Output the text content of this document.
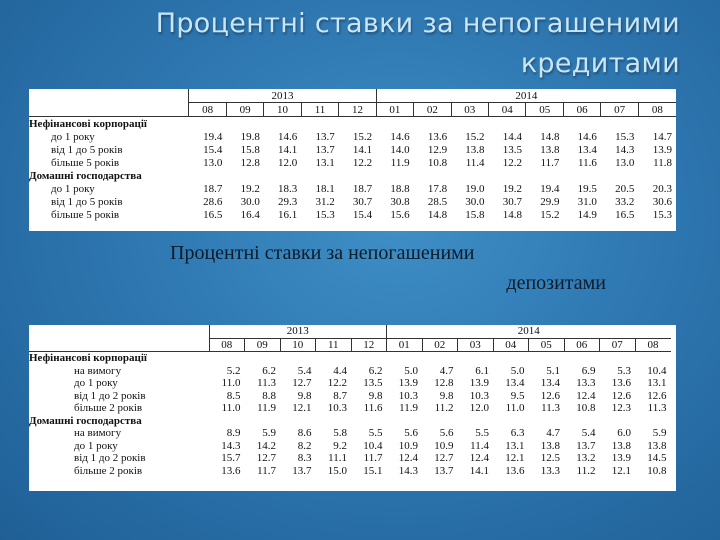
Процентні ставки за непогашеними
кредитами
	2013					2014							
	08	09	10	11	12	01	02	03	04	05	06	07	08
Нефінансові корпорації													
до 1 року	19.4	19.8	14.6	13.7	15.2	14.6	13.6	15.2	14.4	14.8	14.6	15.3	14.7
від 1 до 5 років	15.4	15.8	14.1	13.7	14.1	14.0	12.9	13.8	13.5	13.8	13.4	14.3	13.9
більше 5 років	13.0	12.8	12.0	13.1	12.2	11.9	10.8	11.4	12.2	11.7	11.6	13.0	11.8
Домашні господарства													
до 1 року	18.7	19.2	18.3	18.1	18.7	18.8	17.8	19.0	19.2	19.4	19.5	20.5	20.3
від 1 до 5 років	28.6	30.0	29.3	31.2	30.7	30.8	28.5	30.0	30.7	29.9	31.0	33.2	30.6
більше 5 років	16.5	16.4	16.1	15.3	15.4	15.6	14.8	15.8	14.8	15.2	14.9	16.5	15.3
Процентні ставки за непогашеними
депозитами
	2013					2014							
	08	09	10	11	12	01	02	03	04	05	06	07	08
Нефінансові корпорації													
на вимогу	5.2	6.2	5.4	4.4	6.2	5.0	4.7	6.1	5.0	5.1	6.9	5.3	10.4
до 1 року	11.0	11.3	12.7	12.2	13.5	13.9	12.8	13.9	13.4	13.4	13.3	13.6	13.1
від 1 до 2 років	8.5	8.8	9.8	8.7	9.8	10.3	9.8	10.3	9.5	12.6	12.4	12.6	12.6
більше 2 років	11.0	11.9	12.1	10.3	11.6	11.9	11.2	12.0	11.0	11.3	10.8	12.3	11.3
Домашні господарства													
на вимогу	8.9	5.9	8.6	5.8	5.5	5.6	5.6	5.5	6.3	4.7	5.4	6.0	5.9
до 1 року	14.3	14.2	8.2	9.2	10.4	10.9	10.9	11.4	13.1	13.8	13.7	13.8	13.8
від 1 до 2 років	15.7	12.7	8.3	11.1	11.7	12.4	12.7	12.4	12.1	12.5	13.2	13.9	14.5
більше 2 років	13.6	11.7	13.7	15.0	15.1	14.3	13.7	14.1	13.6	13.3	11.2	12.1	10.8
